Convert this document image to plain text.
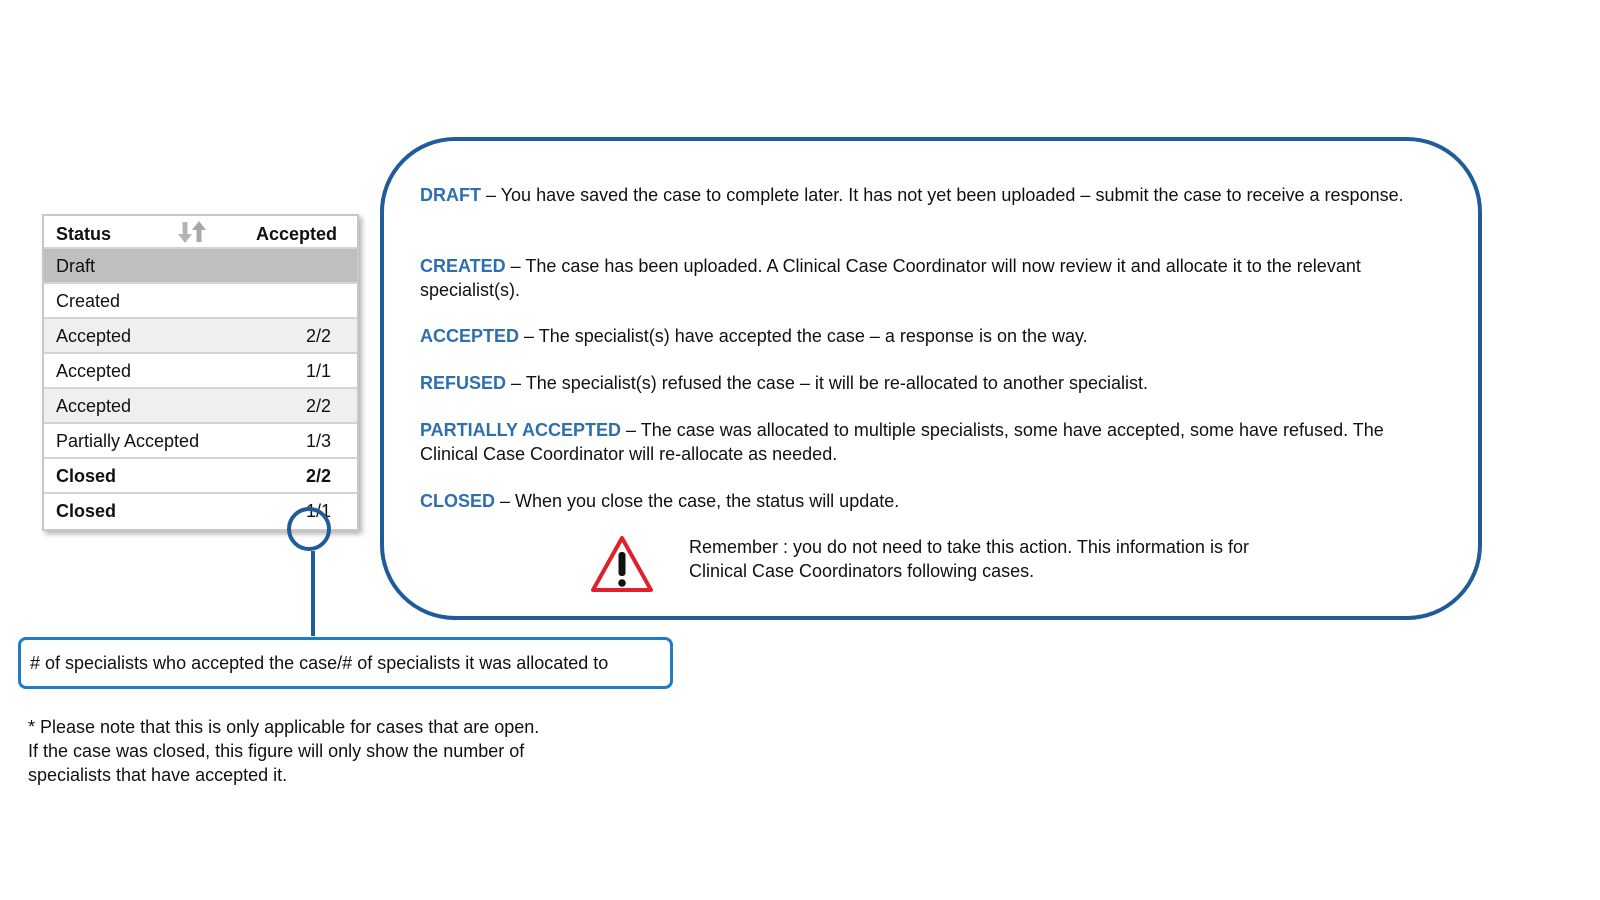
Status	Accepted
Draft
Created
Accepted	2/2
Accepted	1/1
Accepted	2/2
Partially Accepted	1/3
Closed	2/2
Closed	1/1
# of specialists who accepted the case/# of specialists it was allocated to
* Please note that this is only applicable for cases that are open. If the case was closed, this figure will only show the number of specialists that have accepted it.
DRAFT – You have saved the case to complete later. It has not yet been uploaded – submit the case to receive a response.
CREATED – The case has been uploaded. A Clinical Case Coordinator will now review it and allocate it to the relevant specialist(s).
ACCEPTED – The specialist(s) have accepted the case – a response is on the way.
REFUSED – The specialist(s) refused the case – it will be re-allocated to another specialist.
PARTIALLY ACCEPTED – The case was allocated to multiple specialists, some have accepted, some have refused. The Clinical Case Coordinator will re-allocate as needed.
CLOSED – When you close the case, the status will update.
Remember : you do not need to take this action. This information is for Clinical Case Coordinators following cases.
